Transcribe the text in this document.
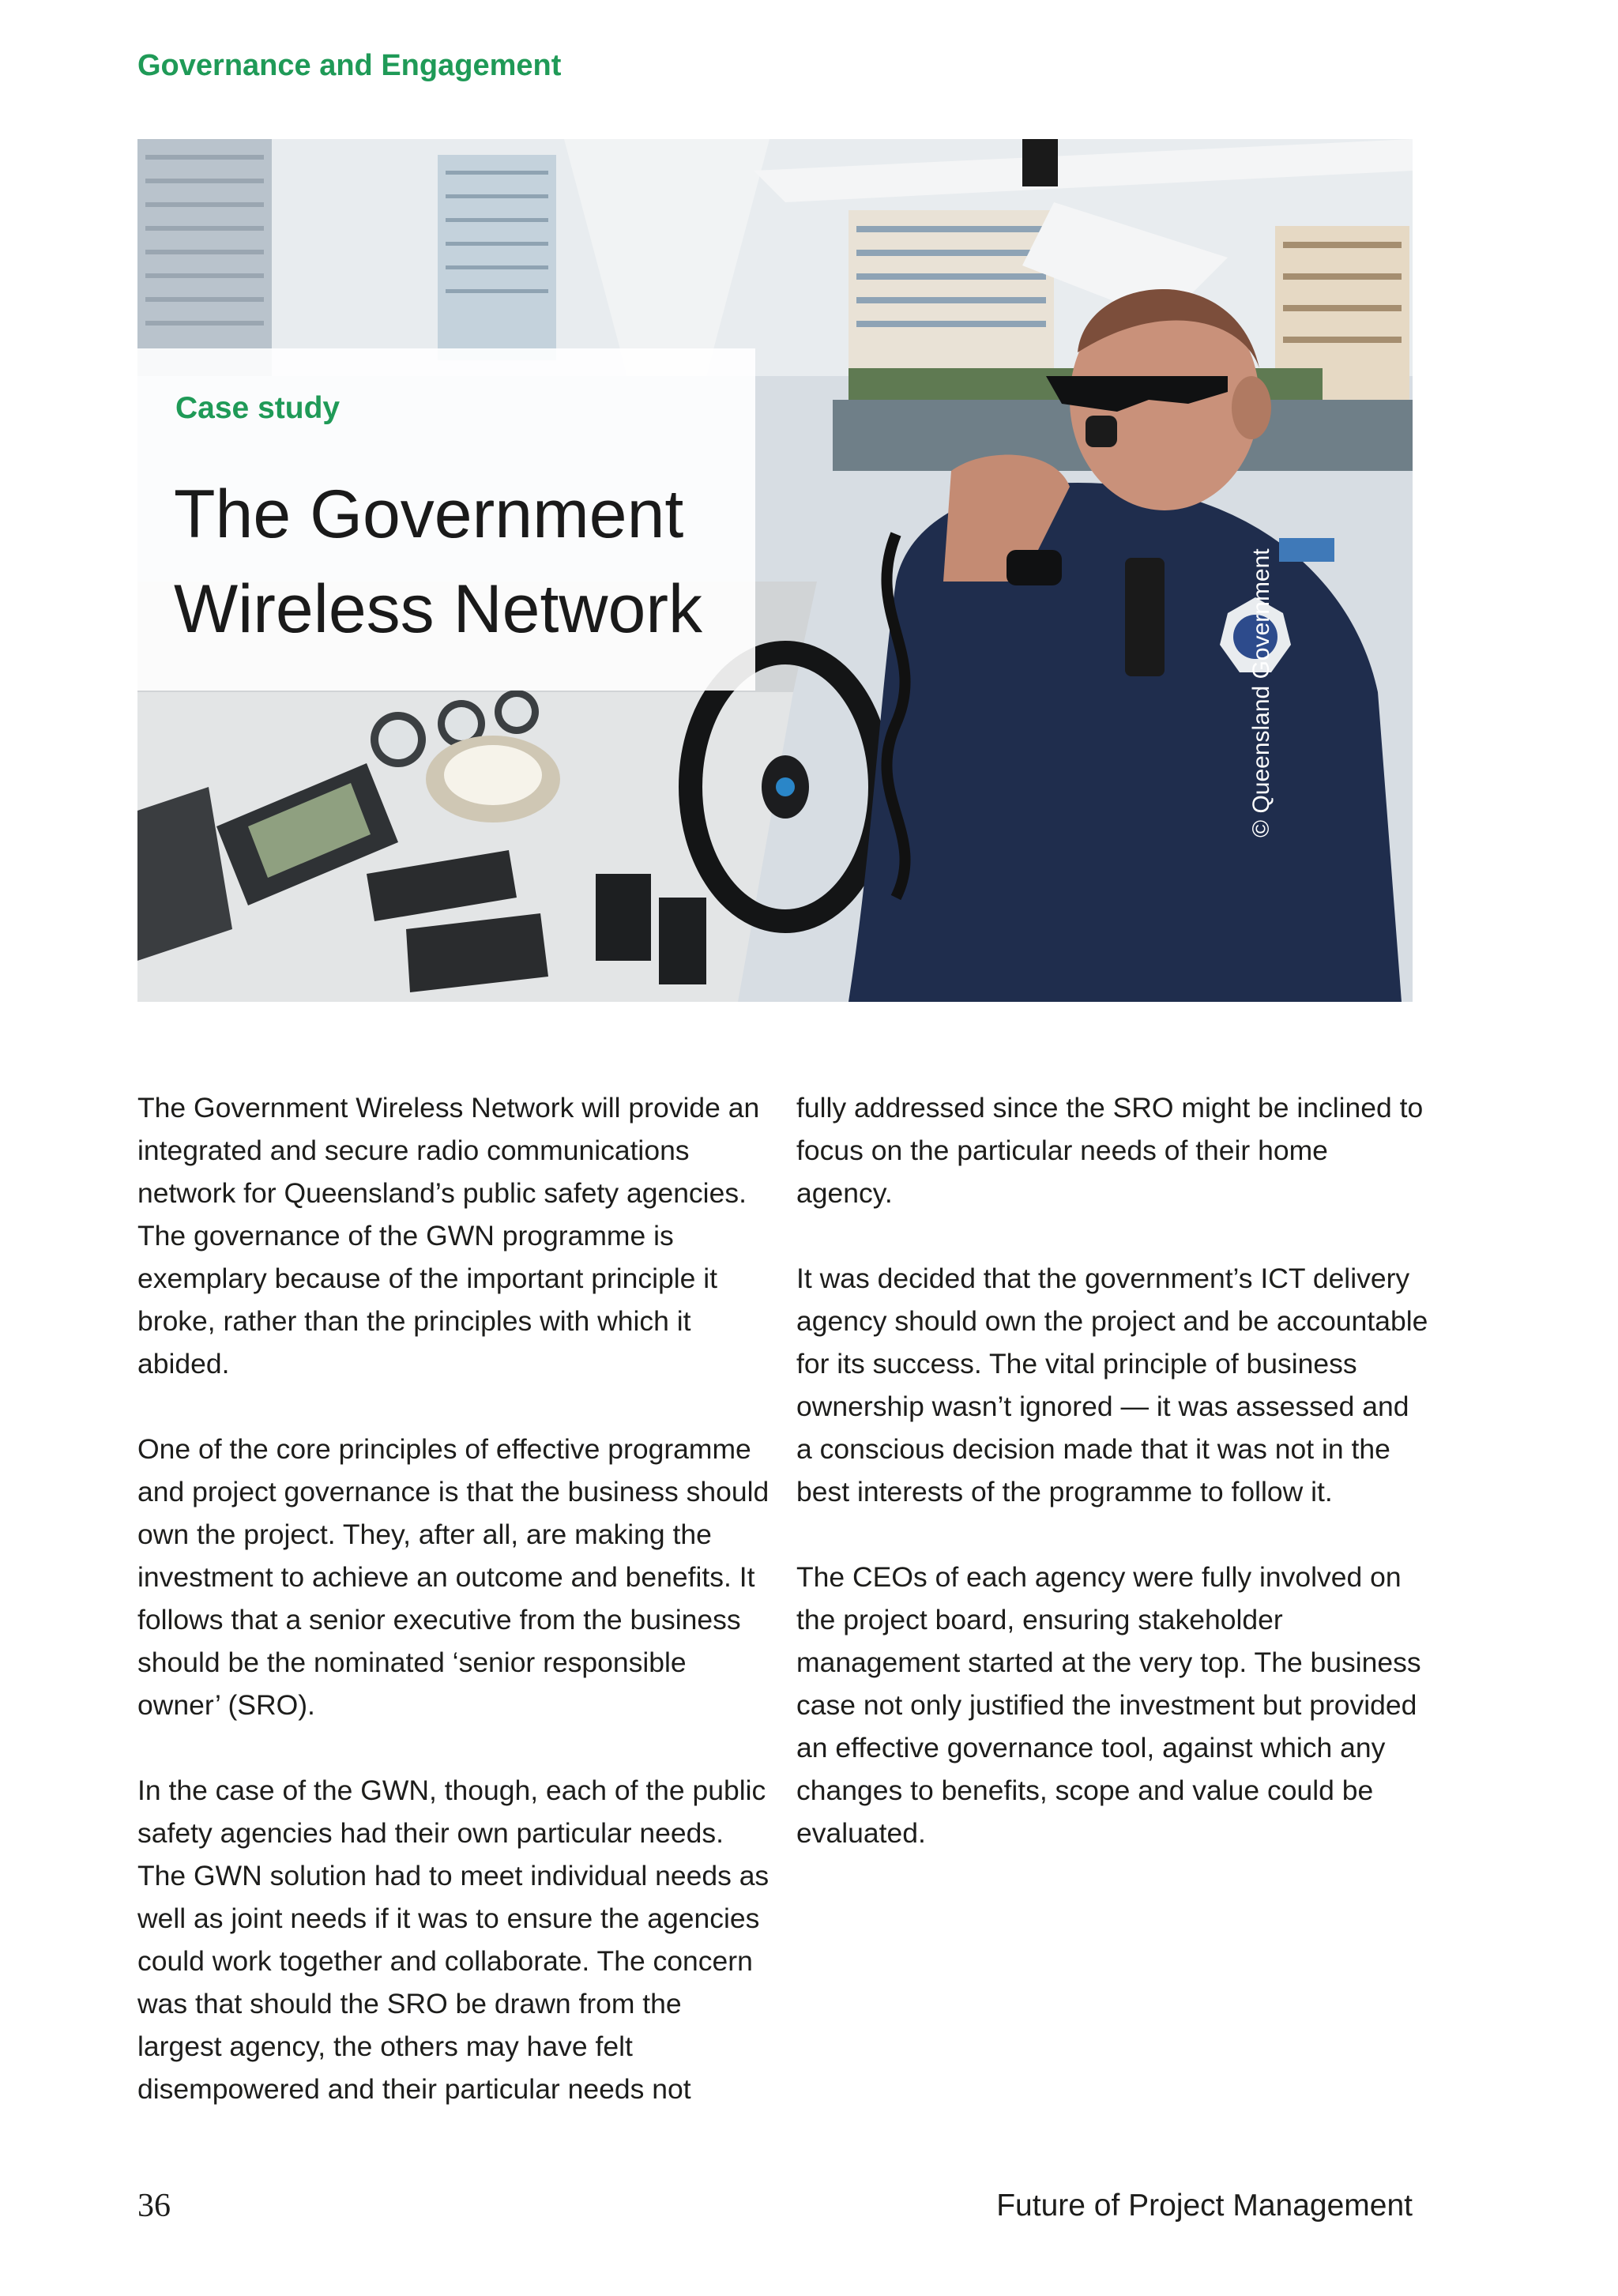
Governance and Engagement
Case study
The Government
Wireless Network	© Queensland Government

The Government Wireless Network will provide an integrated and secure radio communications network for Queensland’s public safety agencies. The governance of the GWN programme is exemplary because of the important principle it broke, rather than the principles with which it abided.

One of the core principles of effective programme and project governance is that the business should own the project. They, after all, are making the investment to achieve an outcome and benefits. It follows that a senior executive from the business should be the nominated ‘senior responsible owner’ (SRO).

In the case of the GWN, though, each of the public safety agencies had their own particular needs. The GWN solution had to meet individual needs as well as joint needs if it was to ensure the agencies could work together and collaborate. The concern was that should the SRO be drawn from the largest agency, the others may have felt disempowered and their particular needs not

fully addressed since the SRO might be inclined to focus on the particular needs of their home agency.

It was decided that the government’s ICT delivery agency should own the project and be accountable for its success. The vital principle of business ownership wasn’t ignored — it was assessed and a conscious decision made that it was not in the best interests of the programme to follow it.

The CEOs of each agency were fully involved on the project board, ensuring stakeholder management started at the very top. The business case not only justified the investment but provided an effective governance tool, against which any changes to benefits, scope and value could be evaluated.

36	Future of Project Management
